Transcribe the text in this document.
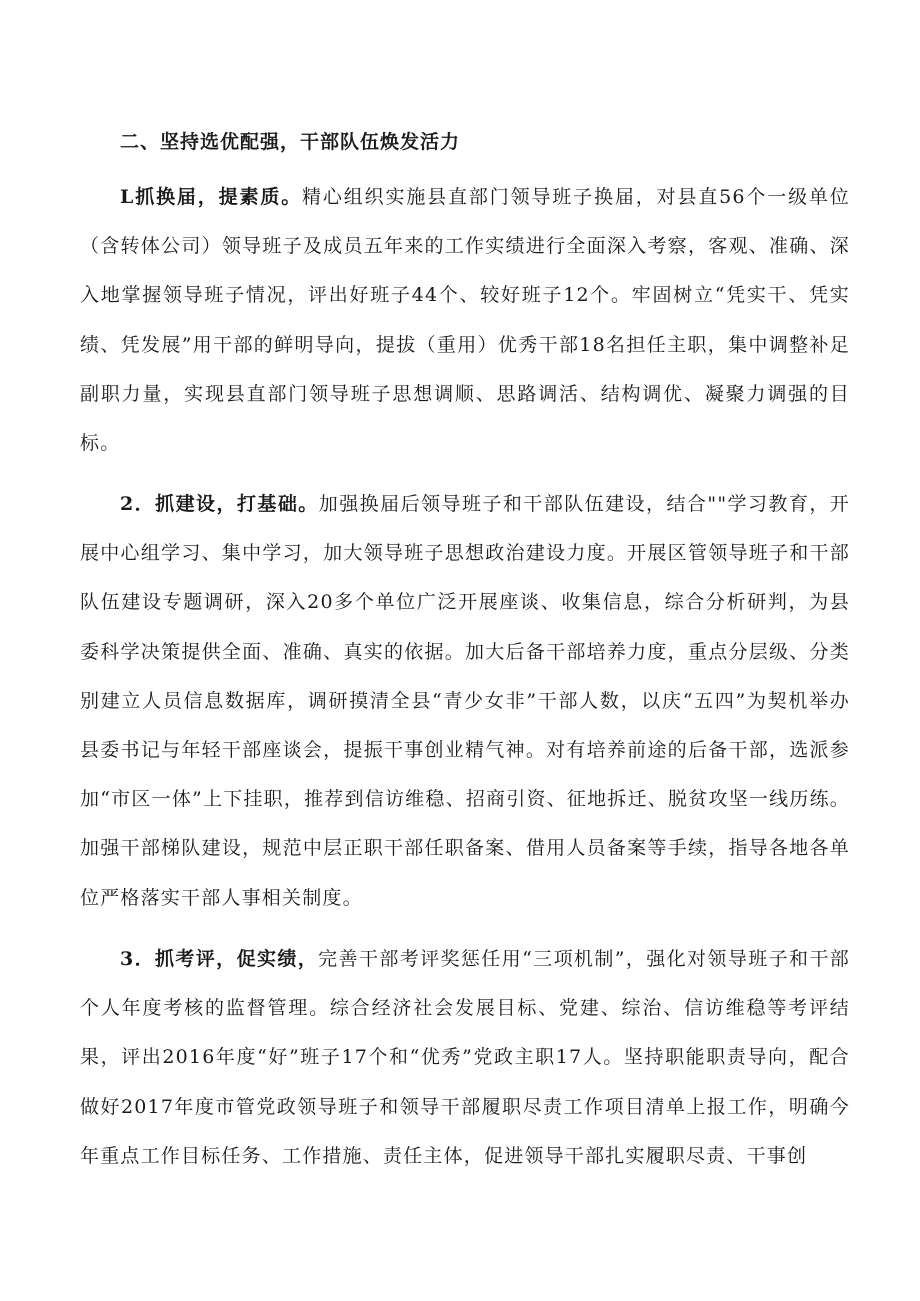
二、坚持选优配强，干部队伍焕发活力

L抓换届，提素质。精心组织实施县直部门领导班子换届，对县直56个一级单位（含转体公司）领导班子及成员五年来的工作实绩进行全面深入考察，客观、准确、深入地掌握领导班子情况，评出好班子44个、较好班子12个。牢固树立“凭实干、凭实绩、凭发展”用干部的鲜明导向，提拔（重用）优秀干部18名担任主职，集中调整补足副职力量，实现县直部门领导班子思想调顺、思路调活、结构调优、凝聚力调强的目标。

2．抓建设，打基础。加强换届后领导班子和干部队伍建设，结合""学习教育，开展中心组学习、集中学习，加大领导班子思想政治建设力度。开展区管领导班子和干部队伍建设专题调研，深入20多个单位广泛开展座谈、收集信息，综合分析研判，为县委科学决策提供全面、准确、真实的依据。加大后备干部培养力度，重点分层级、分类别建立人员信息数据库，调研摸清全县“青少女非”干部人数，以庆“五四”为契机举办县委书记与年轻干部座谈会，提振干事创业精气神。对有培养前途的后备干部，选派参加“市区一体”上下挂职，推荐到信访维稳、招商引资、征地拆迁、脱贫攻坚一线历练。加强干部梯队建设，规范中层正职干部任职备案、借用人员备案等手续，指导各地各单位严格落实干部人事相关制度。

3．抓考评，促实绩，完善干部考评奖惩任用“三项机制”，强化对领导班子和干部个人年度考核的监督管理。综合经济社会发展目标、党建、综治、信访维稳等考评结果，评出2016年度“好”班子17个和“优秀”党政主职17人。坚持职能职责导向，配合做好2017年度市管党政领导班子和领导干部履职尽责工作项目清单上报工作，明确今年重点工作目标任务、工作措施、责任主体，促进领导干部扎实履职尽责、干事创
